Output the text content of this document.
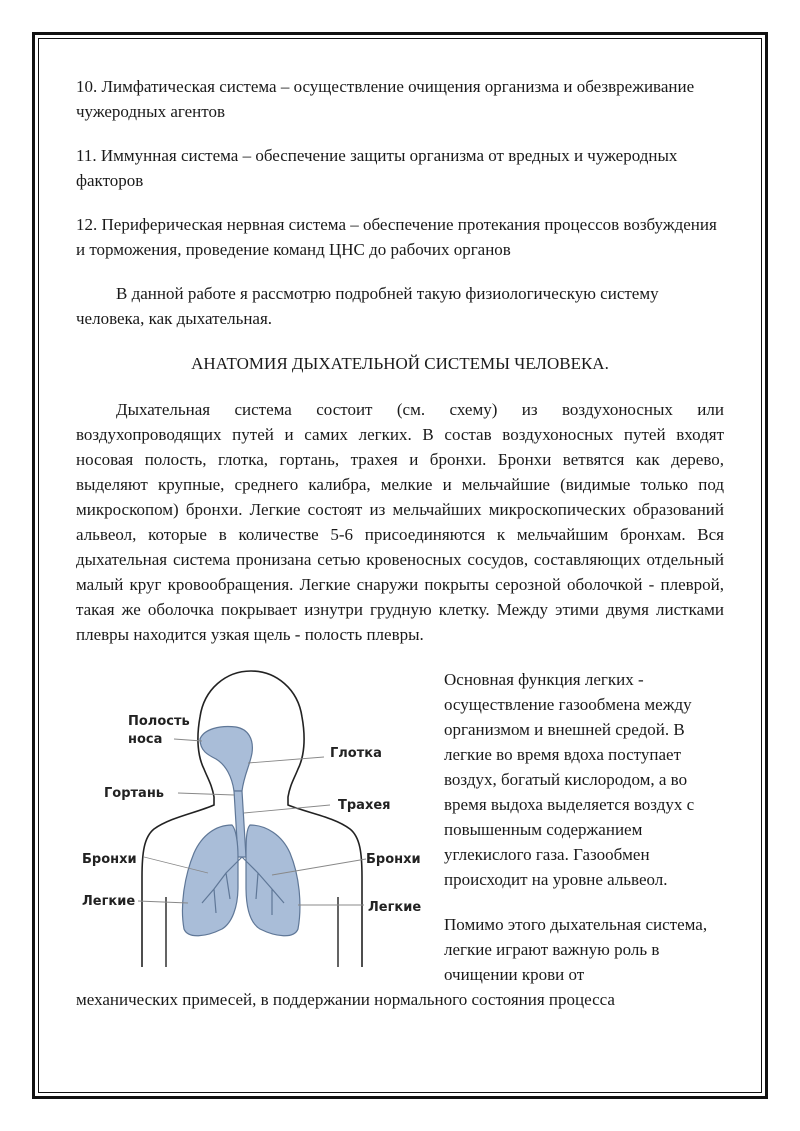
10. Лимфатическая система – осуществление очищения организма и обезвреживание чужеродных агентов

11. Иммунная система – обеспечение защиты организма от вредных и чужеродных факторов

12. Периферическая нервная система – обеспечение протекания процессов возбуждения и торможения, проведение команд ЦНС до рабочих органов

В данной работе я рассмотрю подробней такую физиологическую систему человека, как дыхательная.

АНАТОМИЯ ДЫХАТЕЛЬНОЙ СИСТЕМЫ ЧЕЛОВЕКА.

Дыхательная система состоит (см. схему) из воздухоносных или воздухопроводящих путей и самих легких. В состав воздухоносных путей входят носовая полость, глотка, гортань, трахея и бронхи. Бронхи ветвятся как дерево, выделяют крупные, среднего калибра, мелкие и мельчайшие (видимые только под микроскопом) бронхи. Легкие состоят из мельчайших микроскопических образований альвеол, которые в количестве 5-6 присоединяются к мельчайшим бронхам. Вся дыхательная система пронизана сетью кровеносных сосудов, составляющих отдельный малый круг кровообращения. Легкие снаружи покрыты серозной оболочкой - плеврой, такая же оболочка покрывает изнутри грудную клетку. Между этими двумя листками плевры находится узкая щель - полость плевры.

Полость
носа
Глотка
Гортань
Трахея
Бронхи	Бронхи
Легкие	Легкие

Основная функция легких - осуществление газообмена между организмом и внешней средой. В легкие во время вдоха поступает воздух, богатый кислородом, а во время выдоха выделяется воздух с повышенным содержанием углекислого газа. Газообмен происходит на уровне альвеол.

Помимо этого дыхательная система, легкие играют важную роль в очищении крови от

механических примесей, в поддержании нормального состояния процесса
